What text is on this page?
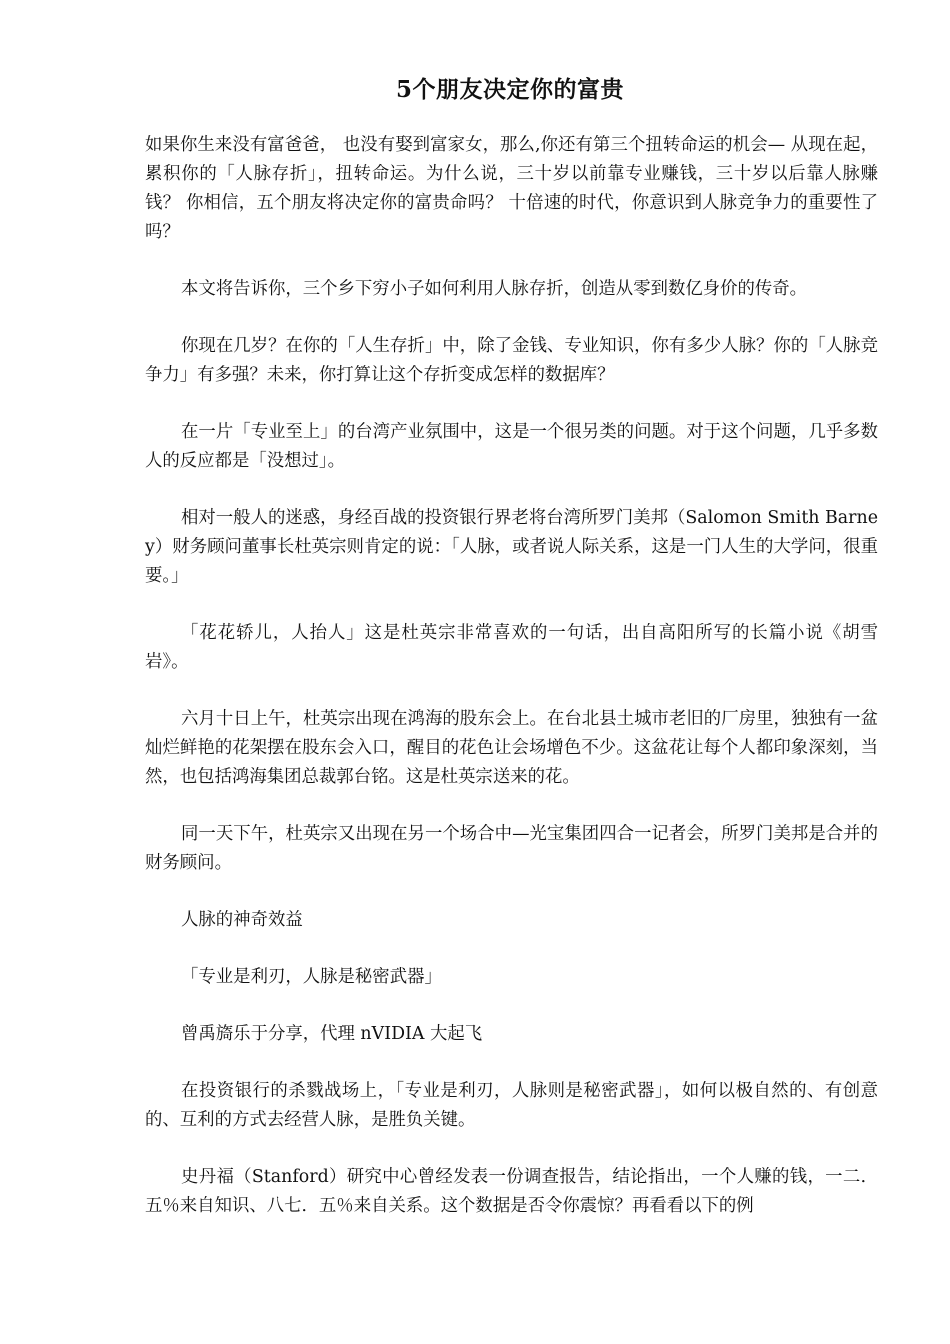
5个朋友决定你的富贵

如果你生来没有富爸爸， 也没有娶到富家女，那么,你还有第三个扭转命运的机会— 从现在起，累积你的「人脉存折」，扭转命运。为什么说，三十岁以前靠专业赚钱，三十岁以后靠人脉赚钱？ 你相信，五个朋友将决定你的富贵命吗？ 十倍速的时代，你意识到人脉竞争力的重要性了吗？

本文将告诉你，三个乡下穷小子如何利用人脉存折，创造从零到数亿身价的传奇。

你现在几岁？在你的「人生存折」中，除了金钱、专业知识，你有多少人脉？你的「人脉竞争力」有多强？未来，你打算让这个存折变成怎样的数据库？

在一片「专业至上」的台湾产业氛围中，这是一个很另类的问题。对于这个问题，几乎多数人的反应都是「没想过」。

相对一般人的迷惑，身经百战的投资银行界老将台湾所罗门美邦（Salomon Smith Barney）财务顾问董事长杜英宗则肯定的说：「人脉，或者说人际关系，这是一门人生的大学问，很重要。」

「花花轿儿，人抬人」这是杜英宗非常喜欢的一句话，出自高阳所写的长篇小说《胡雪岩》。

六月十日上午，杜英宗出现在鸿海的股东会上。在台北县土城市老旧的厂房里，独独有一盆灿烂鲜艳的花架摆在股东会入口，醒目的花色让会场增色不少。这盆花让每个人都印象深刻，当然，也包括鸿海集团总裁郭台铭。这是杜英宗送来的花。

同一天下午，杜英宗又出现在另一个场合中—光宝集团四合一记者会，所罗门美邦是合并的财务顾问。

人脉的神奇效益

「专业是利刃，人脉是秘密武器」

曾禹旖乐于分享，代理 nVIDIA 大起飞

在投资银行的杀戮战场上，「专业是利刃，人脉则是秘密武器」，如何以极自然的、有创意的、互利的方式去经营人脉，是胜负关键。

史丹福（Stanford）研究中心曾经发表一份调查报告，结论指出，一个人赚的钱，一二．五％来自知识、八七．五％来自关系。这个数据是否令你震惊？再看看以下的例
